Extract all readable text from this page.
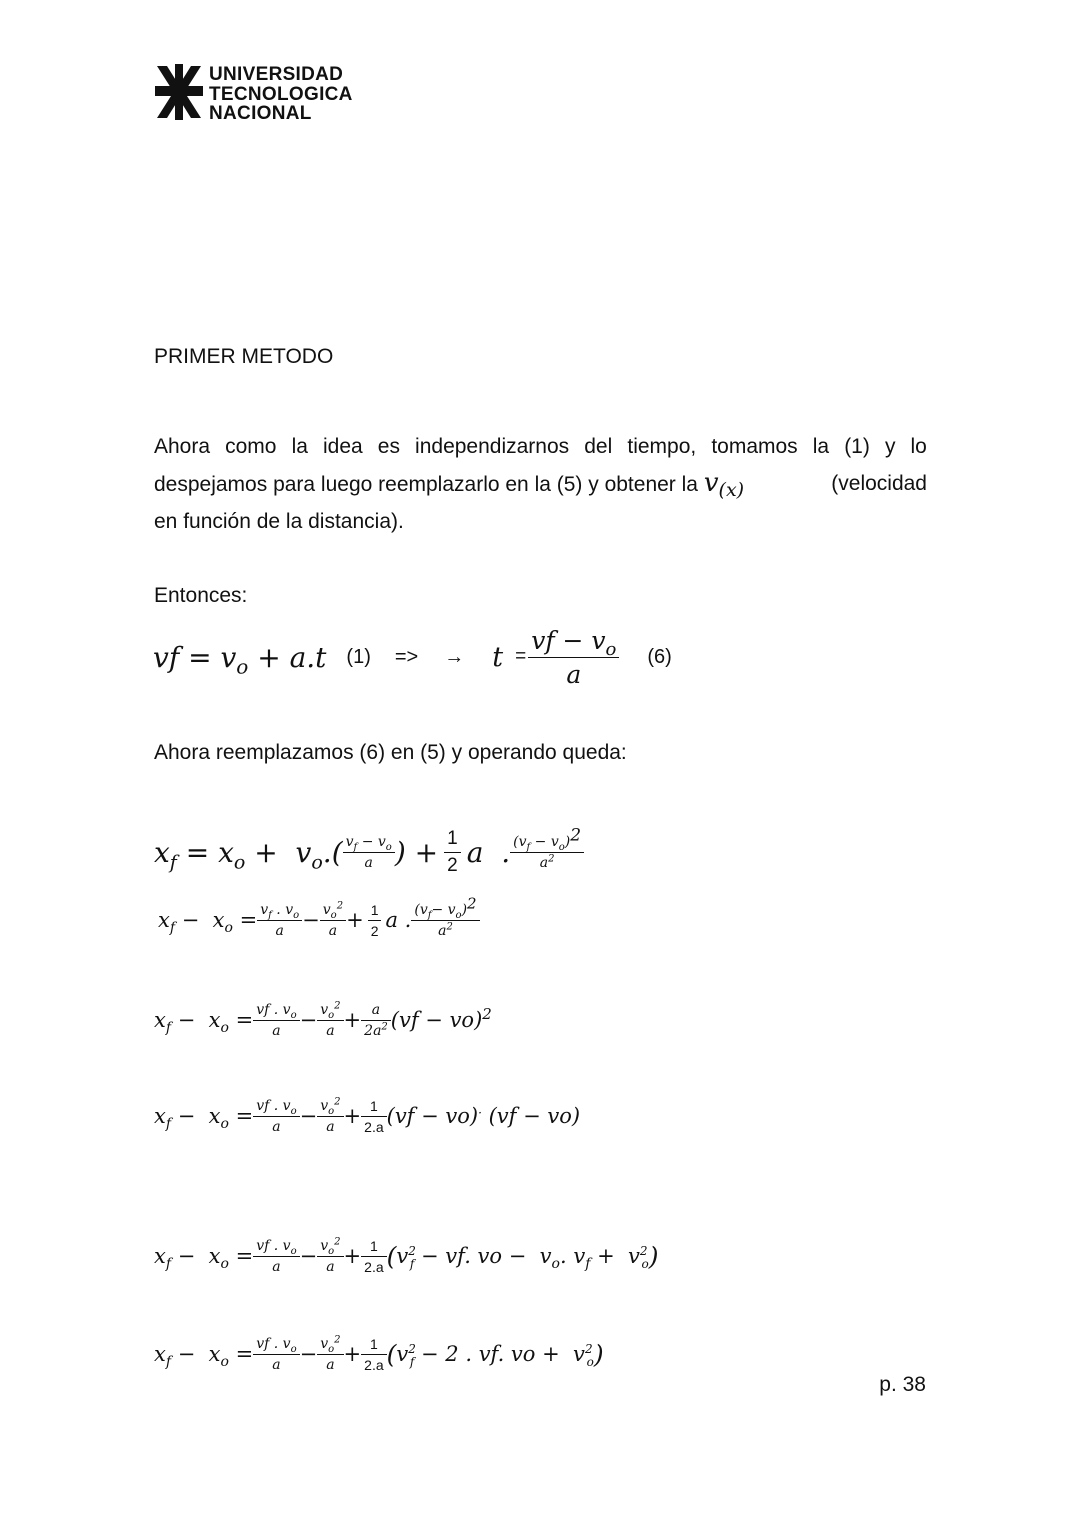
UNIVERSIDAD
TECNOLOGICA
NACIONAL
PRIMER METODO
Ahora como la idea es independizarnos del tiempo, tomamos la (1) y lo
despejamos para luego reemplazarlo en la (5) y obtener la $v_{(x)}$	(velocidad
en función de la distancia).
Entonces:
vf = $v_o + a.t$ (1) => → $t = \frac{vf - v_o}{a} (6)$
Ahora reemplazamos (6) en (5) y operando queda:
$x_f = x_o + v_o.( \frac{v_f - v_o}{a}$ ) + $\frac{1}{2}$ a  . $\frac{(v_f - v_o)^2}{a^2}$
$x_f - x_o = \frac{v_f . v_o}{a} - \frac{v_o^2}{a} + \frac{1}{2}$ a . $\frac{(v_f- v_o)^2}{a^2}$
$x_f - x_o = \frac{vf . v_o}{a} - \frac{v_o^2}{a} + \frac{a}{2a^2} (vf - vo)^2$
$x_f - x_o = \frac{vf . v_o}{a} - \frac{v_o^2}{a} + \frac{1}{2.a} (vf - vo)^\cdot$ (vf − vo)
$x_f - x_o = \frac{vf . v_o}{a} - \frac{v_o^2}{a} + \frac{1}{2.a}$ ( $v^2_f$ − vf. vo −  $v_o$. $v_f + v^2_o$ )
$x_f - x_o = \frac{vf . v_o}{a} - \frac{v_o^2}{a} + \frac{1}{2.a}$ ( $v^2_f - 2$ . vf. vo +  $v^2_o$ )
p. 38
